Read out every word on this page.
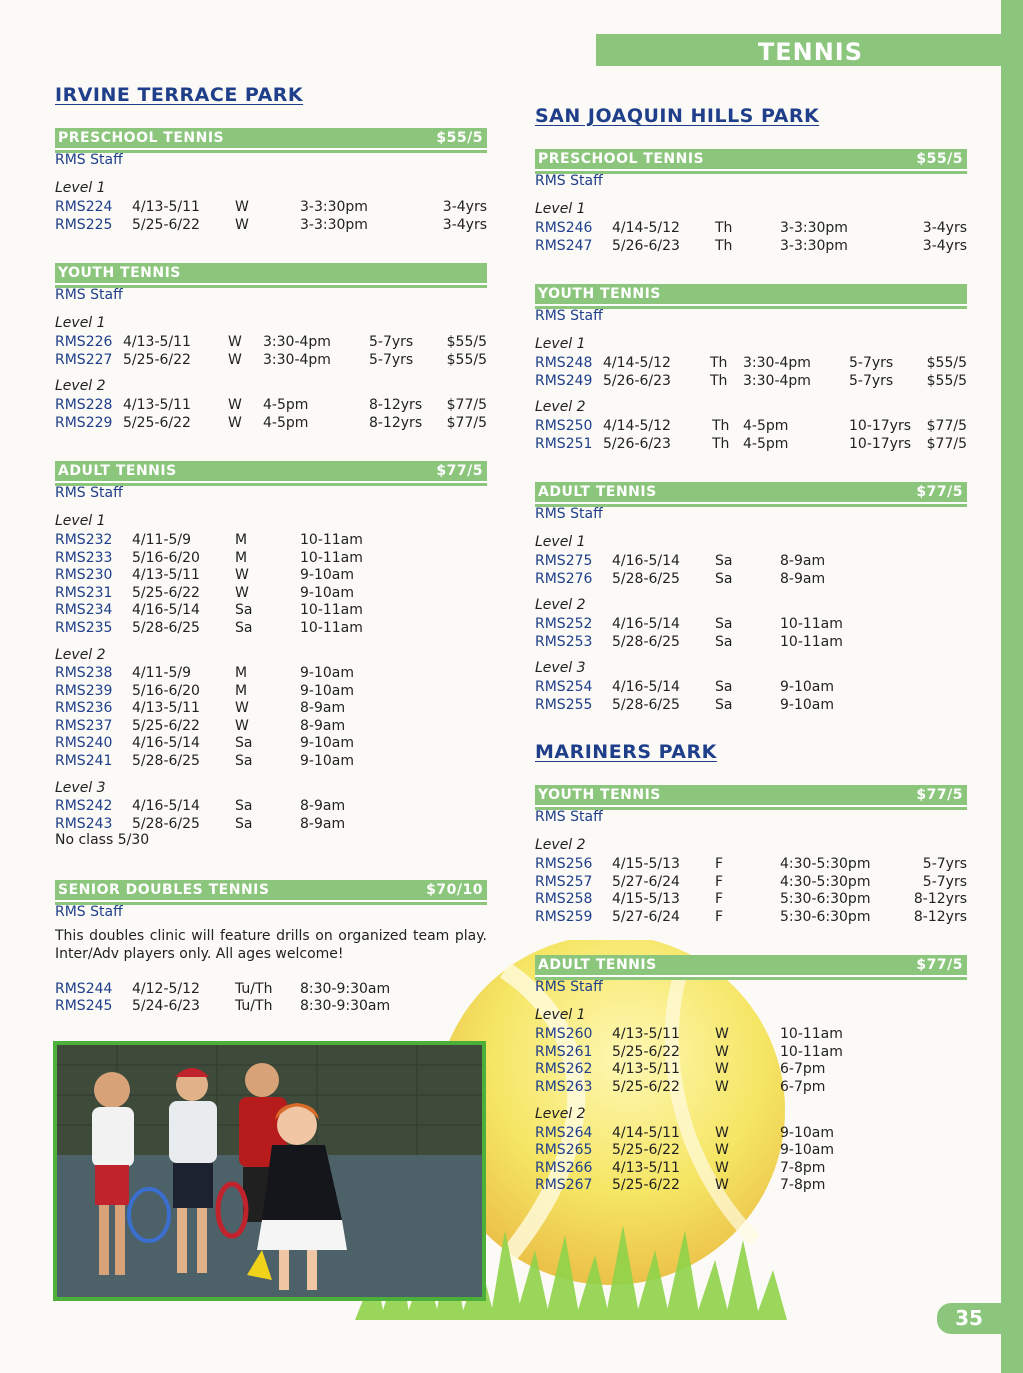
TENNIS
IRVINE TERRACE PARK
PRESCHOOL TENNIS	$55/5
RMS Staff
Level 1
RMS224 4/13-5/11	W	3-3:30pm	3-4yrs
RMS225 5/25-6/22	W	3-3:30pm	3-4yrs
YOUTH TENNIS
RMS Staff
Level 1
RMS226 4/13-5/11	W 3:30-4pm	5-7yrs $55/5
RMS227 5/25-6/22	W 3:30-4pm	5-7yrs $55/5
Level 2
RMS228 4/13-5/11	W 4-5pm	8-12yrs $77/5
RMS229 5/25-6/22	W 4-5pm	8-12yrs $77/5
ADULT TENNIS	$77/5
RMS Staff
Level 1
RMS232 4/11-5/9	M	10-11am
RMS233 5/16-6/20	M	10-11am
RMS230 4/13-5/11	W	9-10am
RMS231 5/25-6/22	W	9-10am
RMS234 4/16-5/14	Sa	10-11am
RMS235 5/28-6/25	Sa	10-11am
Level 2
RMS238 4/11-5/9	M	9-10am
RMS239 5/16-6/20	M	9-10am
RMS236 4/13-5/11	W	8-9am
RMS237 5/25-6/22	W	8-9am
RMS240 4/16-5/14	Sa	9-10am
RMS241 5/28-6/25	Sa	9-10am
Level 3
RMS242 4/16-5/14	Sa	8-9am
RMS243 5/28-6/25	Sa	8-9am
No class 5/30
SENIOR DOUBLES TENNIS	$70/10
RMS Staff
This doubles clinic will feature drills on organized team play. Inter/Adv players only. All ages welcome!
RMS244 4/12-5/12	Tu/Th 8:30-9:30am
RMS245 5/24-6/23	Tu/Th 8:30-9:30am
SAN JOAQUIN HILLS PARK
PRESCHOOL TENNIS	$55/5
RMS Staff
Level 1
RMS246 4/14-5/12	Th	3-3:30pm	3-4yrs
RMS247 5/26-6/23	Th	3-3:30pm	3-4yrs
YOUTH TENNIS
RMS Staff
Level 1
RMS248 4/14-5/12	Th 3:30-4pm	5-7yrs $55/5
RMS249 5/26-6/23	Th 3:30-4pm	5-7yrs $55/5
Level 2
RMS250 4/14-5/12	Th 4-5pm	10-17yrs $77/5
RMS251 5/26-6/23	Th 4-5pm	10-17yrs $77/5
ADULT TENNIS	$77/5
RMS Staff
Level 1
RMS275 4/16-5/14	Sa	8-9am
RMS276 5/28-6/25	Sa	8-9am
Level 2
RMS252 4/16-5/14	Sa	10-11am
RMS253 5/28-6/25	Sa	10-11am
Level 3
RMS254 4/16-5/14	Sa	9-10am
RMS255 5/28-6/25	Sa	9-10am
MARINERS PARK
YOUTH TENNIS	$77/5
RMS Staff
Level 2
RMS256 4/15-5/13	F	4:30-5:30pm	5-7yrs
RMS257 5/27-6/24	F	4:30-5:30pm	5-7yrs
RMS258 4/15-5/13	F	5:30-6:30pm	8-12yrs
RMS259 5/27-6/24	F	5:30-6:30pm	8-12yrs
ADULT TENNIS	$77/5
RMS Staff
Level 1
RMS260 4/13-5/11	W	10-11am
RMS261 5/25-6/22	W	10-11am
RMS262 4/13-5/11	W	6-7pm
RMS263 5/25-6/22	W	6-7pm
Level 2
RMS264 4/14-5/11	W	9-10am
RMS265 5/25-6/22	W	9-10am
RMS266 4/13-5/11	W	7-8pm
RMS267 5/25-6/22	W	7-8pm
35
